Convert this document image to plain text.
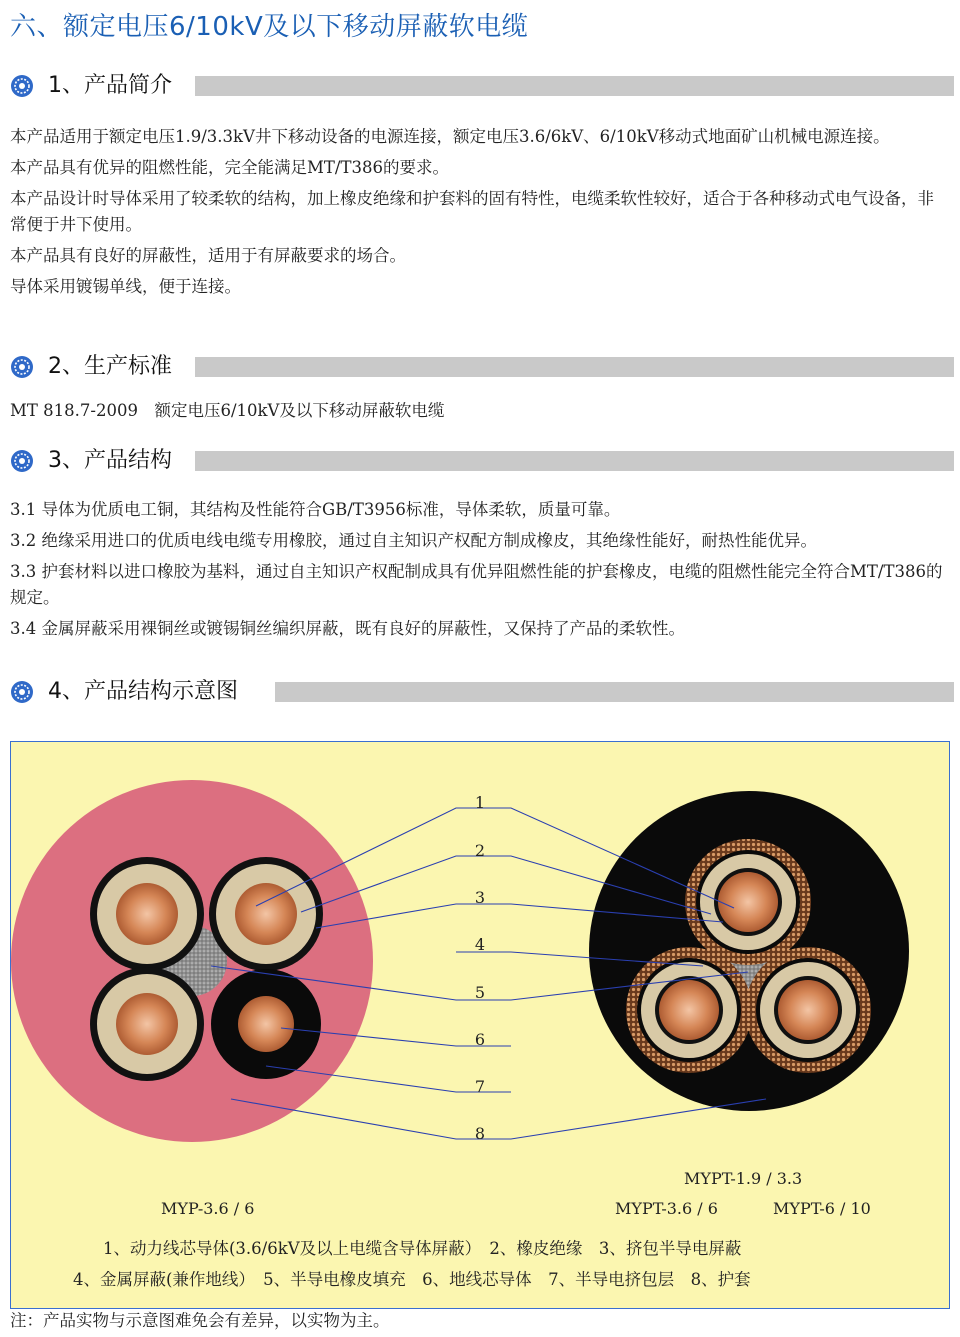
六、额定电压6/10kV及以下移动屏蔽软电缆
1、产品简介

本产品适用于额定电压1.9/3.3kV井下移动设备的电源连接，额定电压3.6/6kV、6/10kV移动式地面矿山机械电源连接。

本产品具有优异的阻燃性能，完全能满足MT/T386的要求。

本产品设计时导体采用了较柔软的结构，加上橡皮绝缘和护套料的固有特性，电缆柔软性较好，适合于各种移动式电气设备，非常便于井下使用。

本产品具有良好的屏蔽性，适用于有屏蔽要求的场合。

导体采用镀锡单线，便于连接。

2、生产标准

MT 818.7-2009　额定电压6/10kV及以下移动屏蔽软电缆

3、产品结构

3.1 导体为优质电工铜，其结构及性能符合GB/T3956标准，导体柔软，质量可靠。

3.2 绝缘采用进口的优质电线电缆专用橡胶，通过自主知识产权配方制成橡皮，其绝缘性能好，耐热性能优异。

3.3 护套材料以进口橡胶为基料，通过自主知识产权配制成具有优异阻燃性能的护套橡皮，电缆的阻燃性能完全符合MT/T386的规定。

3.4 金属屏蔽采用裸铜丝或镀锡铜丝编织屏蔽，既有良好的屏蔽性，又保持了产品的柔软性。

4、产品结构示意图
1
2
3
4
5
6
7
8
MYP-3.6 / 6
MYPT-1.9 / 3.3
MYPT-3.6 / 6	MYPT-6 / 10
1、动力线芯导体(3.6/6kV及以上电缆含导体屏蔽）　2、橡皮绝缘　3、挤包半导电屏蔽
4、金属屏蔽(兼作地线）　5、半导电橡皮填充　6、地线芯导体　7、半导电挤包层　8、护套
注：产品实物与示意图难免会有差异，以实物为主。
